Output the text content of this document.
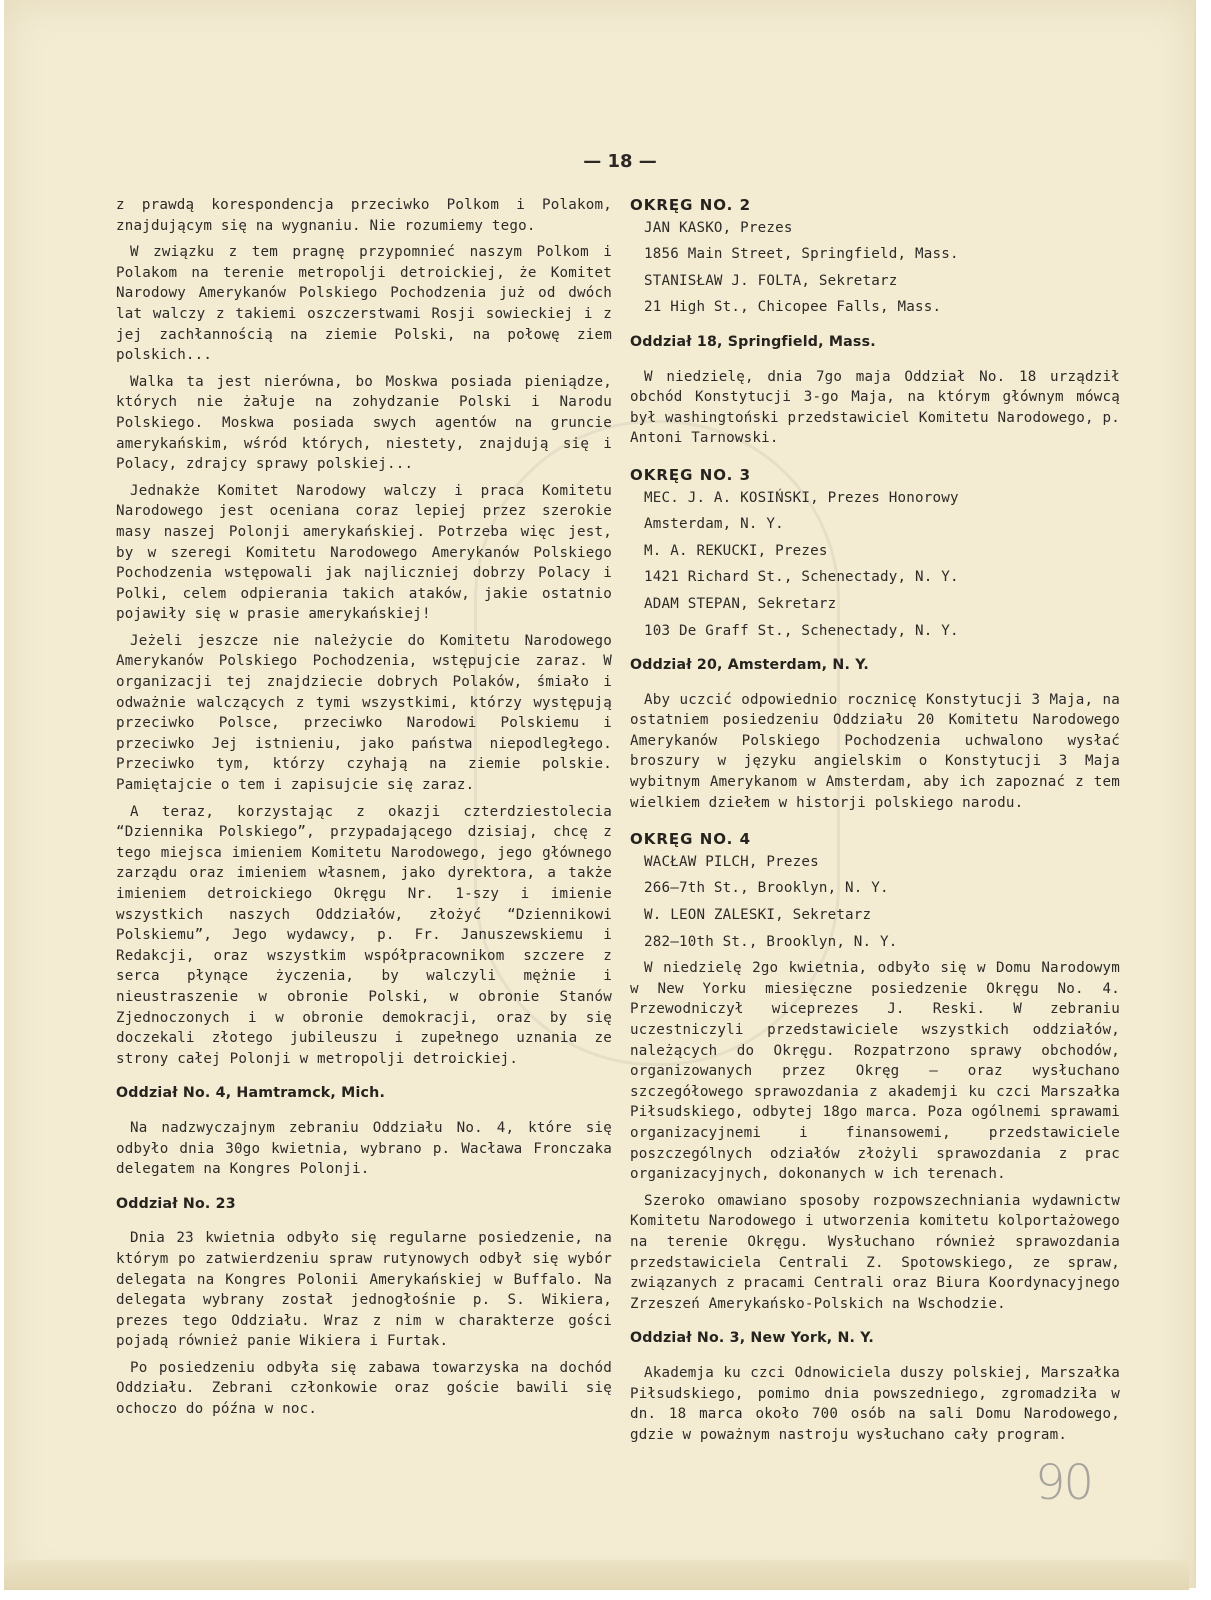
— 18 —

z prawdą korespondencja przeciwko Polkom i Polakom, znajdującym się na wygnaniu. Nie rozumiemy tego.

W związku z tem pragnę przypomnieć naszym Polkom i Polakom na terenie metropolji detroickiej, że Komitet Narodowy Amerykanów Polskiego Pochodzenia już od dwóch lat walczy z takiemi oszczerstwami Rosji sowieckiej i z jej zachłannością na ziemie Polski, na połowę ziem polskich...

Walka ta jest nierówna, bo Moskwa posiada pieniądze, których nie żałuje na zohydzanie Polski i Narodu Polskiego. Moskwa posiada swych agentów na gruncie amerykańskim, wśród których, niestety, znajdują się i Polacy, zdrajcy sprawy polskiej...

Jednakże Komitet Narodowy walczy i praca Komitetu Narodowego jest oceniana coraz lepiej przez szerokie masy naszej Polonji amerykańskiej. Potrzeba więc jest, by w szeregi Komitetu Narodowego Amerykanów Polskiego Pochodzenia wstępowali jak najliczniej dobrzy Polacy i Polki, celem odpierania takich ataków, jakie ostatnio pojawiły się w prasie amerykańskiej!

Jeżeli jeszcze nie należycie do Komitetu Narodowego Amerykanów Polskiego Pochodzenia, wstępujcie zaraz. W organizacji tej znajdziecie dobrych Polaków, śmiało i odważnie walczących z tymi wszystkimi, którzy występują przeciwko Polsce, przeciwko Narodowi Polskiemu i przeciwko Jej istnieniu, jako państwa niepodległego. Przeciwko tym, którzy czyhają na ziemie polskie. Pamiętajcie o tem i zapisujcie się zaraz.

A teraz, korzystając z okazji czterdziestolecia “Dziennika Polskiego”, przypadającego dzisiaj, chcę z tego miejsca imieniem Komitetu Narodowego, jego głównego zarządu oraz imieniem własnem, jako dyrektora, a także imieniem detroickiego Okręgu Nr. 1-szy i imienie wszystkich naszych Oddziałów, złożyć “Dziennikowi Polskiemu”, Jego wydawcy, p. Fr. Januszewskiemu i Redakcji, oraz wszystkim współpracownikom szczere z serca płynące życzenia, by walczyli mężnie i nieustraszenie w obronie Polski, w obronie Stanów Zjednoczonych i w obronie demokracji, oraz by się doczekali złotego jubileuszu i zupełnego uznania ze strony całej Polonji w metropolji detroickiej.

Oddział No. 4, Hamtramck, Mich.

Na nadzwyczajnym zebraniu Oddziału No. 4, które się odbyło dnia 30go kwietnia, wybrano p. Wacława Fronczaka delegatem na Kongres Polonji.

Oddział No. 23

Dnia 23 kwietnia odbyło się regularne posiedzenie, na którym po zatwierdzeniu spraw rutynowych odbył się wybór delegata na Kongres Polonii Amerykańskiej w Buffalo. Na delegata wybrany został jednogłośnie p. S. Wikiera, prezes tego Oddziału. Wraz z nim w charakterze gości pojadą również panie Wikiera i Furtak.

Po posiedzeniu odbyła się zabawa towarzyska na dochód Oddziału. Zebrani członkowie oraz goście bawili się ochoczo do późna w noc.

OKRĘG NO. 2

JAN KASKO, Prezes

1856 Main Street, Springfield, Mass.

STANISŁAW J. FOLTA, Sekretarz

21 High St., Chicopee Falls, Mass.

Oddział 18, Springfield, Mass.

W niedzielę, dnia 7go maja Oddział No. 18 urządził obchód Konstytucji 3-go Maja, na którym głównym mówcą był washingtoński przedstawiciel Komitetu Narodowego, p. Antoni Tarnowski.

OKRĘG NO. 3

MEC. J. A. KOSIŃSKI, Prezes Honorowy

Amsterdam, N. Y.

M. A. REKUCKI, Prezes

1421 Richard St., Schenectady, N. Y.

ADAM STEPAN, Sekretarz

103 De Graff St., Schenectady, N. Y.

Oddział 20, Amsterdam, N. Y.

Aby uczcić odpowiednio rocznicę Konstytucji 3 Maja, na ostatniem posiedzeniu Oddziału 20 Komitetu Narodowego Amerykanów Polskiego Pochodzenia uchwalono wysłać broszury w języku angielskim o Konstytucji 3 Maja wybitnym Amerykanom w Amsterdam, aby ich zapoznać z tem wielkiem dziełem w historji polskiego narodu.

OKRĘG NO. 4

WACŁAW PILCH, Prezes

266—7th St., Brooklyn, N. Y.

W. LEON ZALESKI, Sekretarz

282—10th St., Brooklyn, N. Y.

W niedzielę 2go kwietnia, odbyło się w Domu Narodowym w New Yorku miesięczne posiedzenie Okręgu No. 4. Przewodniczył wiceprezes J. Reski. W zebraniu uczestniczyli przedstawiciele wszystkich oddziałów, należących do Okręgu. Rozpatrzono sprawy obchodów, organizowanych przez Okręg — oraz wysłuchano szczegółowego sprawozdania z akademji ku czci Marszałka Piłsudskiego, odbytej 18go marca. Poza ogólnemi sprawami organizacyjnemi i finansowemi, przedstawiciele poszczególnych odziałów złożyli sprawozdania z prac organizacyjnych, dokonanych w ich terenach.

Szeroko omawiano sposoby rozpowszechniania wydawnictw Komitetu Narodowego i utworzenia komitetu kolportażowego na terenie Okręgu. Wysłuchano również sprawozdania przedstawiciela Centrali Z. Spotowskiego, ze spraw, związanych z pracami Centrali oraz Biura Koordynacyjnego Zrzeszeń Amerykańsko-Polskich na Wschodzie.

Oddział No. 3, New York, N. Y.

Akademja ku czci Odnowiciela duszy polskiej, Marszałka Piłsudskiego, pomimo dnia powszedniego, zgromadziła w dn. 18 marca około 700 osób na sali Domu Narodowego, gdzie w poważnym nastroju wysłuchano cały program.

90
